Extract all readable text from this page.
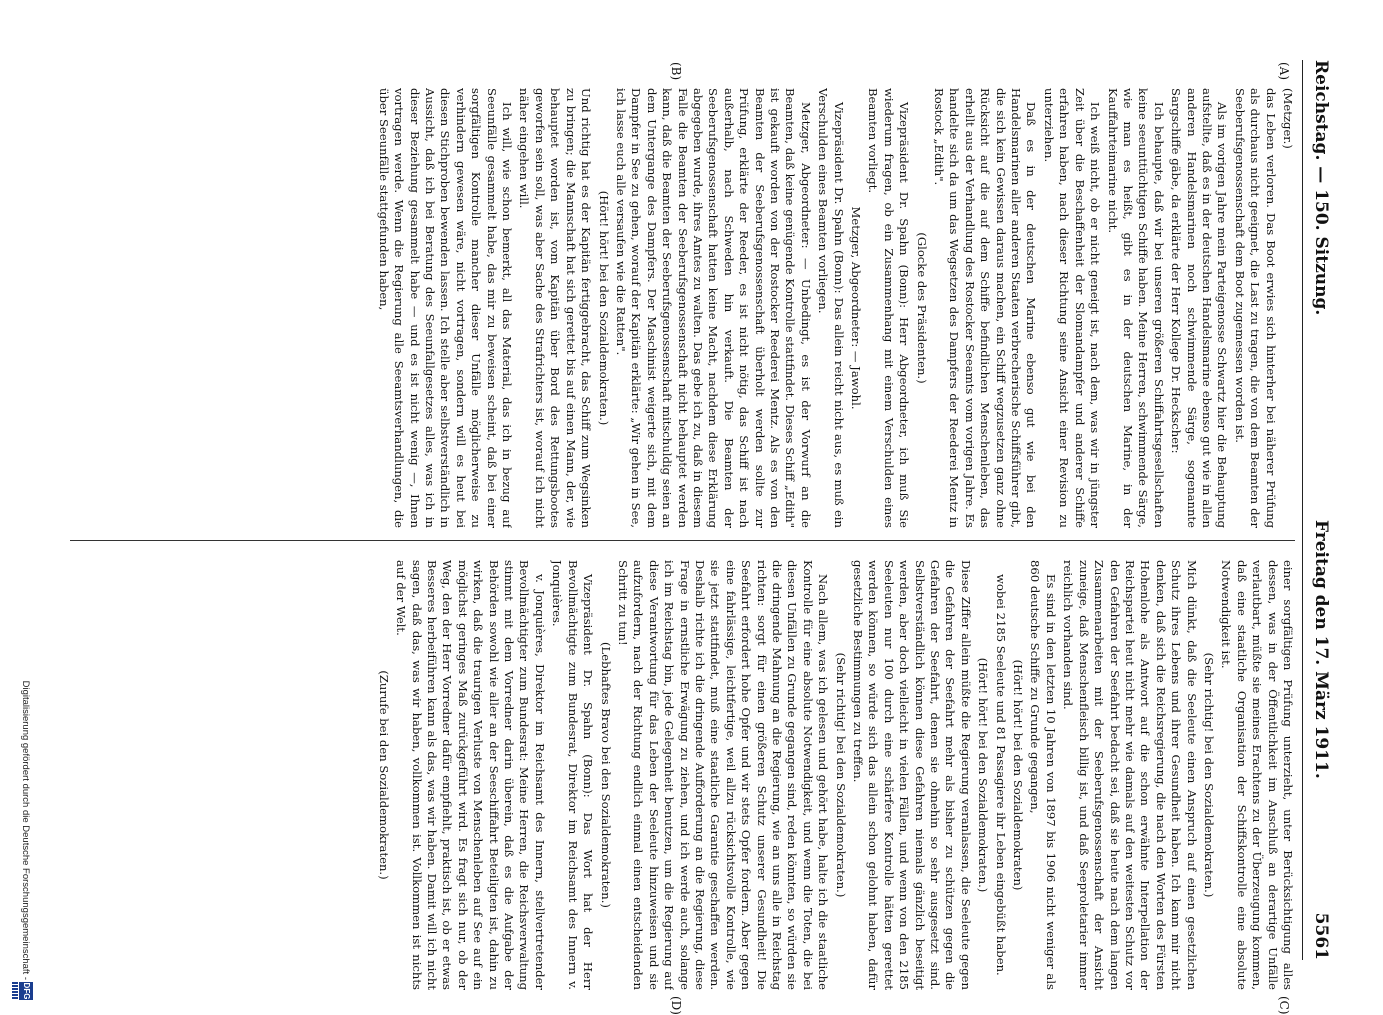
Reichstag. — 150. Sitzung.
Freitag den 17. März 1911.
5561
(A)
(B)
(C)
(D)

(Metzger.)

das Leben verloren. Das Boot erwies sich hinterher bei näherer Prüfung als durchaus nicht geeignet, die Last zu tragen, die von dem Beamten der Seeberufsgenossenschaft dem Boot zugemessen worden ist.

Als im vorigen Jahre mein Parteigenosse Schwartz hier die Behauptung aufstellte, daß es in der deutschen Handelsmarine ebenso gut wie in allen anderen Handelsmarinen noch schwimmende Särge, sogenannte Sargschiffe gäbe, da erklärte der Herr Kollege Dr. Heckscher:

Ich behaupte, daß wir bei unseren größeren Schiffahrtsgesellschaften keine seeunttüchtigen Schiffe haben. Meine Herren, schwimmende Särge, wie man es heißt, gibt es in der deutschen Marine, in der Kauffahrteimarine nicht.

Ich weiß nicht, ob er nicht geneigt ist, nach dem, was wir in jüngster Zeit über die Beschaffenheit der Slomandampfer und anderer Schiffe erfahren haben, nach dieser Richtung seine Ansicht einer Revision zu unterziehen.

Daß es in der deutschen Marine ebenso gut wie bei den Handelsmarinen aller anderen Staaten verbrecherische Schiffsführer gibt, die sich kein Gewissen daraus machen, ein Schiff wegzusetzen ganz ohne Rücksicht auf die auf dem Schiffe befindlichen Menschenleben, das erhellt aus der Verhandlung des Rostocker Seeamts vom vorigen Jahre. Es handelte sich da um das Wegsetzen des Dampfers der Reederei Mentz in Rostock „Edith".

(Glocke des Präsidenten.)

Vizepräsident Dr. Spahn (Bonn): Herr Abgeordneter, ich muß Sie wiederum fragen, ob ein Zusammenhang mit einem Verschulden eines Beamten vorliegt.

Metzger, Abgeordneter: — Jawohl.

Vizepräsident Dr. Spahn (Bonn): Das allein reicht nicht aus, es muß ein Verschulden eines Beamten vorliegen.

Metzger, Abgeordneter: — Unbedingt, es ist der Vorwurf an die Beamten, daß keine genügende Kontrolle stattfindet. Dieses Schiff „Edith" ist gekauft worden von der Rostocker Reederei Mentz. Als es von den Beamten der Seeberufsgenossenschaft überholt werden sollte zur Prüfung, erklärte der Reeder, es ist nicht nötig, das Schiff ist nach außerhalb, nach Schweden hin verkauft. Die Beamten der Seeberufsgenossenschaft hatten keine Macht, nachdem diese Erklärung abgegeben wurde, ihres Amtes zu walten. Das gebe ich zu, daß in diesem Falle die Beamten der Seeberufsgenossenschaft nicht behauptet werden kann, daß die Beamten der Seeberufsgenossenschaft mitschuldig seien an dem Untergange des Dampfers. Der Maschinist weigerte sich, mit dem Dampfer in See zu gehen, worauf der Kapitän erklärte: „Wir gehen in See, ich lasse euch alle versaufen wie die Ratten".

(Hört! hört! bei den Sozialdemokraten.)

Und richtig hat es der Kapitän fertiggebracht, das Schiff zum Wegsinken zu bringen; die Mannschaft hat sich gerettet bis auf einen Mann, der, wie behauptet worden ist, vom Kapitän über Bord des Rettungsbootes geworfen sein soll, was aber Sache des Strafrichters ist, worauf ich nicht näher eingehen will.

Ich will, wie schon bemerkt, all das Material, das ich in bezug auf Seeunfälle gesammelt habe, das mir zu beweisen scheint, daß bei einer sorgfältigen Kontrolle mancher dieser Unfälle möglicherweise zu verhindern gewesen wäre, nicht vortragen, sondern will es heut bei diesen Stichproben bewenden lassen. Ich stelle aber selbstverständlich in Aussicht, daß ich bei Beratung des Seeunfallgesetzes alles, was ich in dieser Beziehung gesammelt habe — und es ist nicht wenig —, Ihnen vortragen werde. Wenn die Regierung alle Seeamtsverhandlungen, die über Seeunfälle stattgefunden haben,

einer sorgfältigen Prüfung unterzieht, unter Berücksichtigung alles dessen, was in der Öffentlichkeit im Anschluß an derartige Unfälle verlautbart, müßte sie meines Erachtens zu der Überzeugung kommen, daß eine staatliche Organisation der Schiffskontrolle eine absolute Notwendigkeit ist.

(Sehr richtig! bei den Sozialdemokraten.)

Mich dünkt, daß die Seeleute einen Anspruch auf einen gesetzlichen Schutz ihres Lebens und ihrer Gesundheit haben. Ich kann mir nicht denken, daß sich die Reichsregierung, die nach den Worten des Fürsten Hohenlohe als Antwort auf die schon erwähnte Interpellation der Reichspartei heut nicht mehr wie damals auf den weitesten Schutz vor den Gefahren der Seefahrt bedacht sei, daß sie heute nach dem langen Zusammenarbeiten mit der Seeberufsgenossenschaft der Ansicht zuneige, daß Menschenfleisch billig ist, und daß Seeproletarier immer reichlich vorhanden sind.

Es sind in den letzten 10 Jahren von 1897 bis 1906 nicht weniger als 860 deutsche Schiffe zu Grunde gegangen,

(Hört! hört! bei den Sozialdemokraten)

wobei 2185 Seeleute und 81 Passagiere ihr Leben eingebüßt haben.

(Hört! hört! bei den Sozialdemokraten.)

Diese Ziffer allein müßte die Regierung veranlassen, die Seeleute gegen die Gefahren der Seefahrt mehr als bisher zu schützen gegen die Gefahren der Seefahrt, denen sie ohnehin so sehr ausgesetzt sind. Selbstverständlich können diese Gefahren niemals gänzlich beseitigt werden, aber doch vielleicht in vielen Fällen, und wenn von den 2185 Seeleuten nur 100 durch eine schärfere Kontrolle hätten gerettet werden können, so würde sich das allein schon gelohnt haben, dafür gesetzliche Bestimmungen zu treffen.

(Sehr richtig! bei den Sozialdemokraten.)

Nach allem, was ich gelesen und gehört habe, halte ich die staatliche Kontrolle für eine absolute Notwendigkeit, und wenn die Toten, die bei diesen Unfällen zu Grunde gegangen sind, reden könnten, so würden sie die dringende Mahnung an die Regierung, wie an uns alle in Reichstag richten: sorgt für einen größeren Schutz unserer Gesundheit! Die Seefahrt erfordert hohe Opfer und wir stets Opfer fordern. Aber gegen eine fahrlässige, leichtfertige, weil allzu rücksichtsvolle Kontrolle, wie sie jetzt stattfindet, muß eine staatliche Garantie geschaffen werden. Deshalb richte ich die dringende Aufforderung an die Regierung, diese Frage in ernstliche Erwägung zu ziehen, und ich werde auch, solange ich im Reichstag bin, jede Gelegenheit benutzen, um die Regierung auf diese Verantwortung für das Leben der Seeleute hinzuweisen und sie aufzufordern, nach der Richtung endlich einmal einen entscheidenden Schritt zu tun!

(Lebhaftes Bravo bei den Sozialdemokraten.)

Vizepräsident Dr. Spahn (Bonn): Das Wort hat der Herr Bevollmächtigte zum Bundesrat, Direktor im Reichsamt des Innern v. Jonquières.

v. Jonquières, Direktor im Reichsamt des Innern, stellvertretender Bevollmächtigter zum Bundesrat: Meine Herren, die Reichsverwaltung stimmt mit dem Vorredner darin überein, daß es die Aufgabe der Behörden sowohl wie aller an der Seeschiffahrt Beteiligten ist, dahin zu wirken, daß die traurigen Verluste von Menschenleben auf See auf ein möglichst geringes Maß zurückgeführt wird. Es fragt sich nur, ob der Weg, den der Herr Vorredner dafür empfiehlt, praktisch ist, ob er etwas Besseres herbeiführen kann als das, was wir haben. Damit will ich nicht sagen, daß das, was wir haben, vollkommen ist. Vollkommen ist nichts auf der Welt.

(Zurufe bei den Sozialdemokraten.)

Digitalisierung gefördert durch die Deutsche Forschungsgemeinschaft -
DFG
